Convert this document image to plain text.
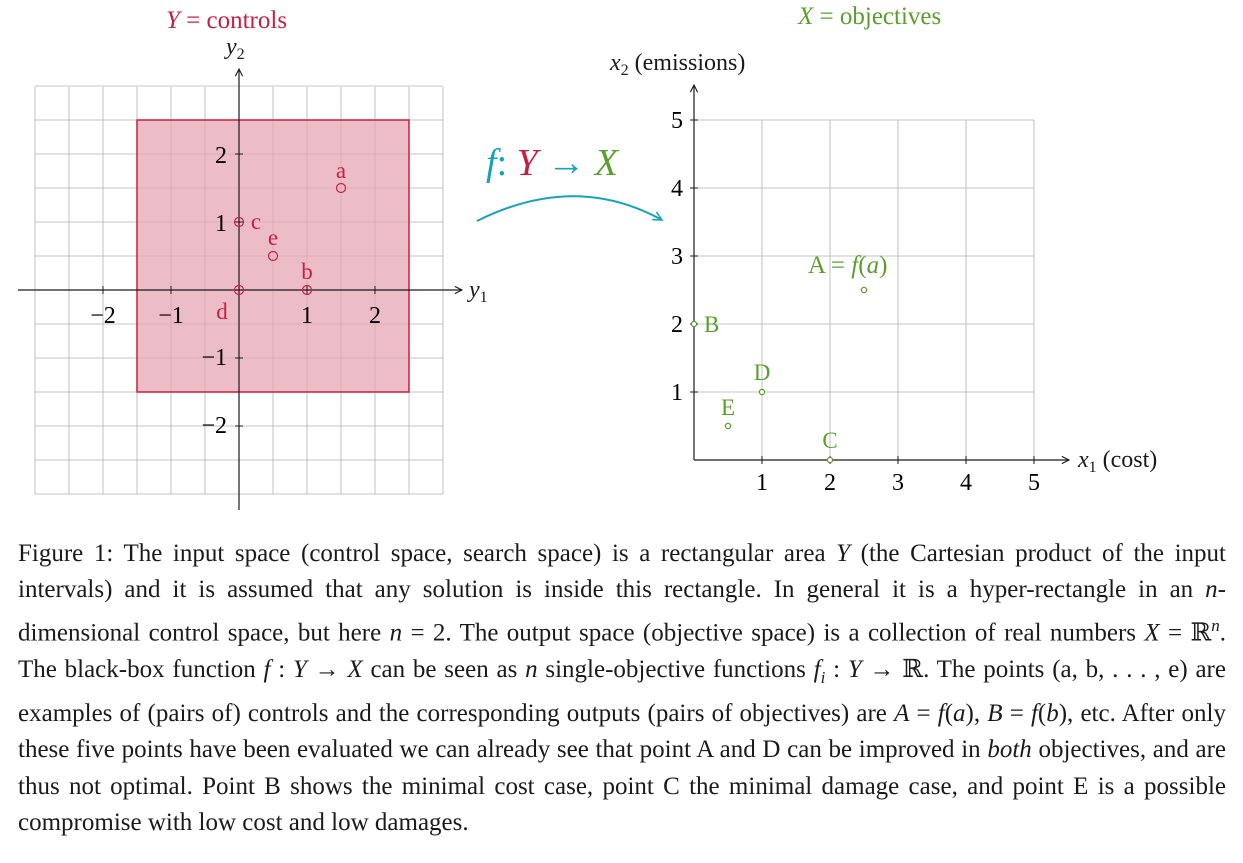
Y = controls
$y_2$
$y_1$
−2 −1	1 2
2
1
−1
−2
a
b
c
d
e
f: Y → X
X = objectives
$x_2$ (emissions)
$x_1$ (cost)
1 2 3 4 5
5
4
3
2
1
B
D
E
C
A = f(a)

Figure 1: The input space (control space, search space) is a rectangular area Y (the Cartesian product of the input intervals) and it is assumed that any solution is inside this rectangle. In general it is a hyper-rectangle in an n-dimensional control space, but here n = 2. The output space (objective space) is a collection of real numbers X = ℝ$^n$. The black-box function f : Y → X can be seen as n single-objective functions $f_i$ : Y → ℝ. The points (a, b, . . . , e) are examples of (pairs of) controls and the corresponding outputs (pairs of objectives) are A = f(a), B = f(b), etc. After only these five points have been evaluated we can already see that point A and D can be improved in both objectives, and are thus not optimal. Point B shows the minimal cost case, point C the minimal damage case, and point E is a possible compromise with low cost and low damages.
